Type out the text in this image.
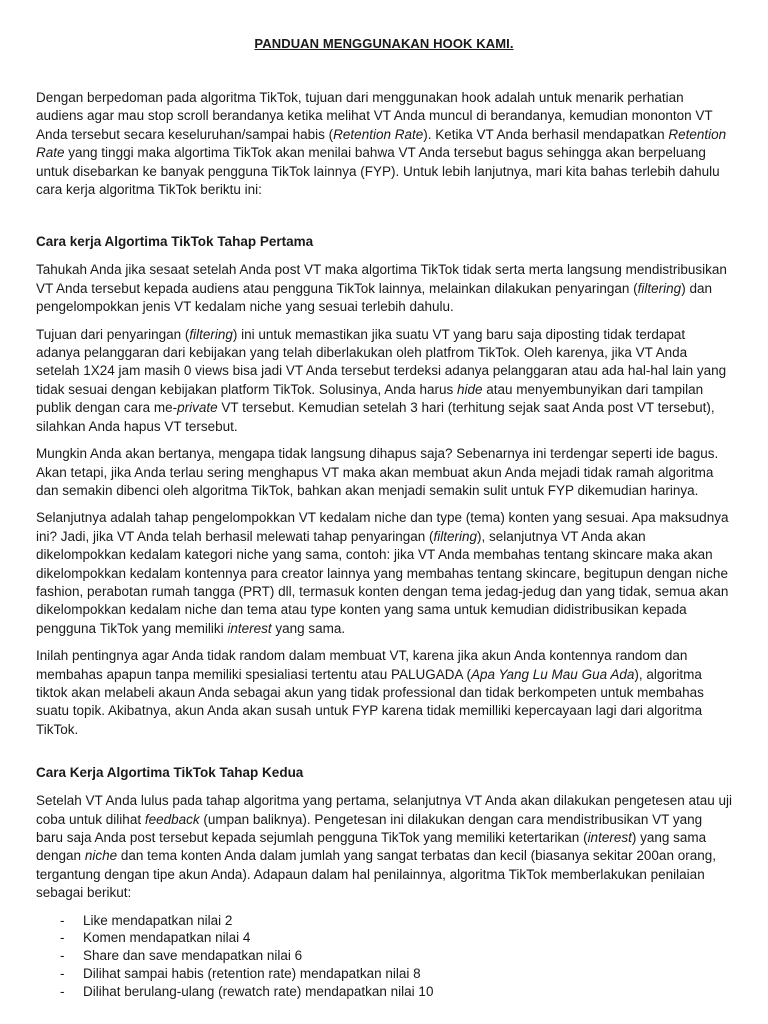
PANDUAN MENGGUNAKAN HOOK KAMI.

Dengan berpedoman pada algoritma TikTok, tujuan dari menggunakan hook adalah untuk menarik perhatian audiens agar mau stop scroll berandanya ketika melihat VT Anda muncul di berandanya, kemudian mononton VT Anda tersebut secara keseluruhan/sampai habis (Retention Rate). Ketika VT Anda berhasil mendapatkan Retention Rate yang tinggi maka algortima TikTok akan menilai bahwa VT Anda tersebut bagus sehingga akan berpeluang untuk disebarkan ke banyak pengguna TikTok lainnya (FYP). Untuk lebih lanjutnya, mari kita bahas terlebih dahulu cara kerja algoritma TikTok beriktu ini:

Cara kerja Algortima TikTok Tahap Pertama

Tahukah Anda jika sesaat setelah Anda post VT maka algortima TikTok tidak serta merta langsung mendistribusikan VT Anda tersebut kepada audiens atau pengguna TikTok lainnya, melainkan dilakukan penyaringan (filtering) dan pengelompokkan jenis VT kedalam niche yang sesuai terlebih dahulu.

Tujuan dari penyaringan (filtering) ini untuk memastikan jika suatu VT yang baru saja diposting tidak terdapat adanya pelanggaran dari kebijakan yang telah diberlakukan oleh platfrom TikTok. Oleh karenya, jika VT Anda setelah 1X24 jam masih 0 views bisa jadi VT Anda tersebut terdeksi adanya pelanggaran atau ada hal-hal lain yang tidak sesuai dengan kebijakan platform TikTok. Solusinya, Anda harus hide atau menyembunyikan dari tampilan publik dengan cara me-private VT tersebut. Kemudian setelah 3 hari (terhitung sejak saat Anda post VT tersebut), silahkan Anda hapus VT tersebut.

Mungkin Anda akan bertanya, mengapa tidak langsung dihapus saja? Sebenarnya ini terdengar seperti ide bagus. Akan tetapi, jika Anda terlau sering menghapus VT maka akan membuat akun Anda mejadi tidak ramah algoritma dan semakin dibenci oleh algoritma TikTok, bahkan akan menjadi semakin sulit untuk FYP dikemudian harinya.

Selanjutnya adalah tahap pengelompokkan VT kedalam niche dan type (tema) konten yang sesuai. Apa maksudnya ini? Jadi, jika VT Anda telah berhasil melewati tahap penyaringan (filtering), selanjutnya VT Anda akan dikelompokkan kedalam kategori niche yang sama, contoh: jika VT Anda membahas tentang skincare maka akan dikelompokkan kedalam kontennya para creator lainnya yang membahas tentang skincare, begitupun dengan niche fashion, perabotan rumah tangga (PRT) dll, termasuk konten dengan tema jedag-jedug dan yang tidak, semua akan dikelompokkan kedalam niche dan tema atau type konten yang sama untuk kemudian didistribusikan kepada pengguna TikTok yang memiliki interest yang sama.

Inilah pentingnya agar Anda tidak random dalam membuat VT, karena jika akun Anda kontennya random dan membahas apapun tanpa memiliki spesialiasi tertentu atau PALUGADA (Apa Yang Lu Mau Gua Ada), algoritma tiktok akan melabeli akaun Anda sebagai akun yang tidak professional dan tidak berkompeten untuk membahas suatu topik. Akibatnya, akun Anda akan susah untuk FYP karena tidak memilliki kepercayaan lagi dari algoritma TikTok.

Cara Kerja Algortima TikTok Tahap Kedua

Setelah VT Anda lulus pada tahap algoritma yang pertama, selanjutnya VT Anda akan dilakukan pengetesen atau uji coba untuk dilihat feedback (umpan baliknya). Pengetesan ini dilakukan dengan cara mendistribusikan VT yang baru saja Anda post tersebut kepada sejumlah pengguna TikTok yang memiliki ketertarikan (interest) yang sama dengan niche dan tema konten Anda dalam jumlah yang sangat terbatas dan kecil (biasanya sekitar 200an orang, tergantung dengan tipe akun Anda). Adapaun dalam hal penilainnya, algoritma TikTok memberlakukan penilaian sebagai berikut:

- Like mendapatkan nilai 2
- Komen mendapatkan nilai 4
- Share dan save mendapatkan nilai 6
- Dilihat sampai habis (retention rate) mendapatkan nilai 8
- Dilihat berulang-ulang (rewatch rate) mendapatkan nilai 10
